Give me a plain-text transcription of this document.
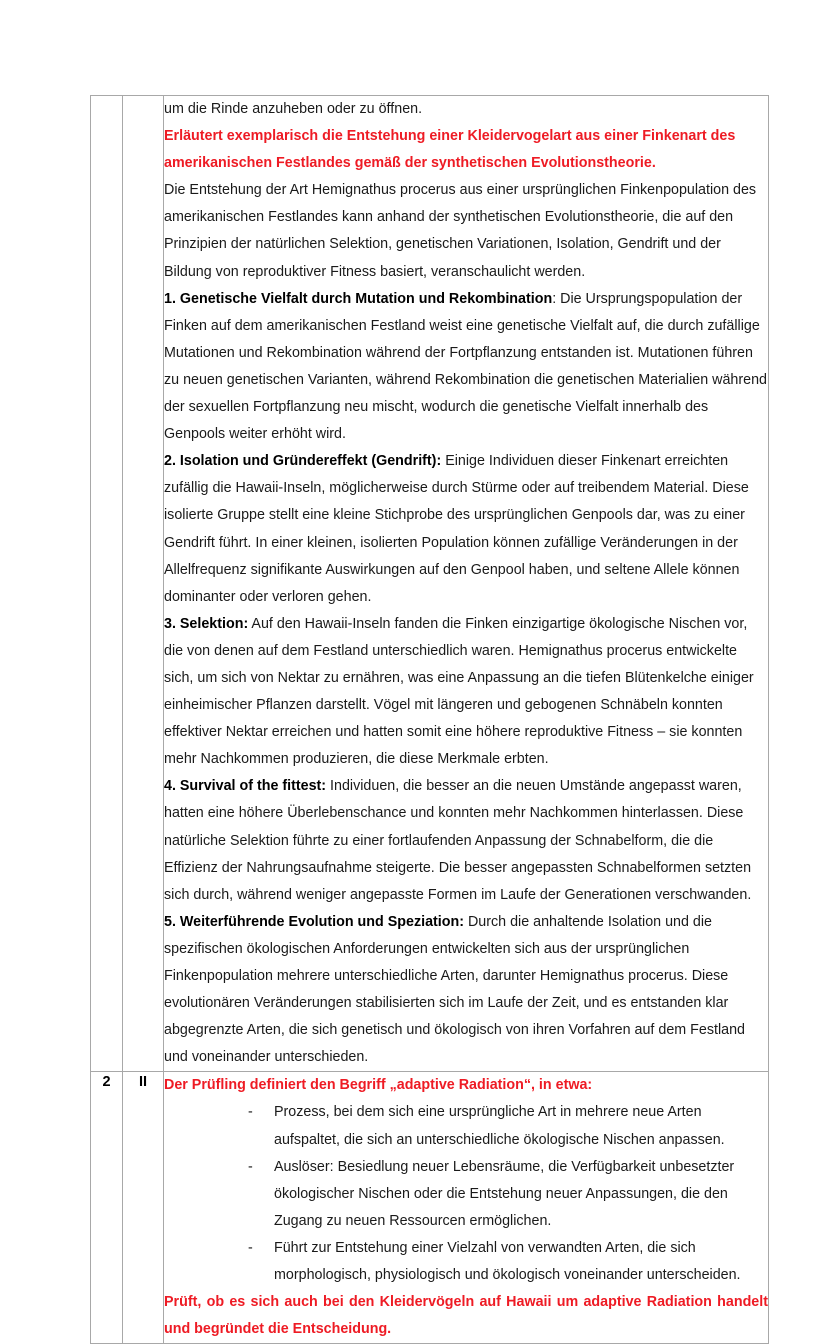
um die Rinde anzuheben oder zu öffnen.

Erläutert exemplarisch die Entstehung einer Kleidervogelart aus einer Finkenart des amerikanischen Festlandes gemäß der synthetischen Evolutionstheorie.

Die Entstehung der Art Hemignathus procerus aus einer ursprünglichen Finkenpopulation des amerikanischen Festlandes kann anhand der synthetischen Evolutionstheorie, die auf den Prinzipien der natürlichen Selektion, genetischen Variationen, Isolation, Gendrift und der Bildung von reproduktiver Fitness basiert, veranschaulicht werden.

1. Genetische Vielfalt durch Mutation und Rekombination: Die Ursprungspopulation der Finken auf dem amerikanischen Festland weist eine genetische Vielfalt auf, die durch zufällige Mutationen und Rekombination während der Fortpflanzung entstanden ist. Mutationen führen zu neuen genetischen Varianten, während Rekombination die genetischen Materialien während der sexuellen Fortpflanzung neu mischt, wodurch die genetische Vielfalt innerhalb des Genpools weiter erhöht wird.

2. Isolation und Gründereffekt (Gendrift): Einige Individuen dieser Finkenart erreichten zufällig die Hawaii-Inseln, möglicherweise durch Stürme oder auf treibendem Material. Diese isolierte Gruppe stellt eine kleine Stichprobe des ursprünglichen Genpools dar, was zu einer Gendrift führt. In einer kleinen, isolierten Population können zufällige Veränderungen in der Allelfrequenz signifikante Auswirkungen auf den Genpool haben, und seltene Allele können dominanter oder verloren gehen.

3. Selektion: Auf den Hawaii-Inseln fanden die Finken einzigartige ökologische Nischen vor, die von denen auf dem Festland unterschiedlich waren. Hemignathus procerus entwickelte sich, um sich von Nektar zu ernähren, was eine Anpassung an die tiefen Blütenkelche einiger einheimischer Pflanzen darstellt. Vögel mit längeren und gebogenen Schnäbeln konnten effektiver Nektar erreichen und hatten somit eine höhere reproduktive Fitness – sie konnten mehr Nachkommen produzieren, die diese Merkmale erbten.

4. Survival of the fittest: Individuen, die besser an die neuen Umstände angepasst waren, hatten eine höhere Überlebenschance und konnten mehr Nachkommen hinterlassen. Diese natürliche Selektion führte zu einer fortlaufenden Anpassung der Schnabelform, die die Effizienz der Nahrungsaufnahme steigerte. Die besser angepassten Schnabelformen setzten sich durch, während weniger angepasste Formen im Laufe der Generationen verschwanden.

5. Weiterführende Evolution und Speziation: Durch die anhaltende Isolation und die spezifischen ökologischen Anforderungen entwickelten sich aus der ursprünglichen Finkenpopulation mehrere unterschiedliche Arten, darunter Hemignathus procerus. Diese evolutionären Veränderungen stabilisierten sich im Laufe der Zeit, und es entstanden klar abgegrenzte Arten, die sich genetisch und ökologisch von ihren Vorfahren auf dem Festland und voneinander unterschieden.

2	II	Der Prüfling definiert den Begriff „adaptive Radiation“, in etwa:

- Prozess, bei dem sich eine ursprüngliche Art in mehrere neue Arten aufspaltet, die sich an unterschiedliche ökologische Nischen anpassen.
- Auslöser: Besiedlung neuer Lebensräume, die Verfügbarkeit unbesetzter ökologischer Nischen oder die Entstehung neuer Anpassungen, die den Zugang zu neuen Ressourcen ermöglichen.
- Führt zur Entstehung einer Vielzahl von verwandten Arten, die sich morphologisch, physiologisch und ökologisch voneinander unterscheiden.

Prüft, ob es sich auch bei den Kleidervögeln auf Hawaii um adaptive Radiation handelt und begründet die Entscheidung.
